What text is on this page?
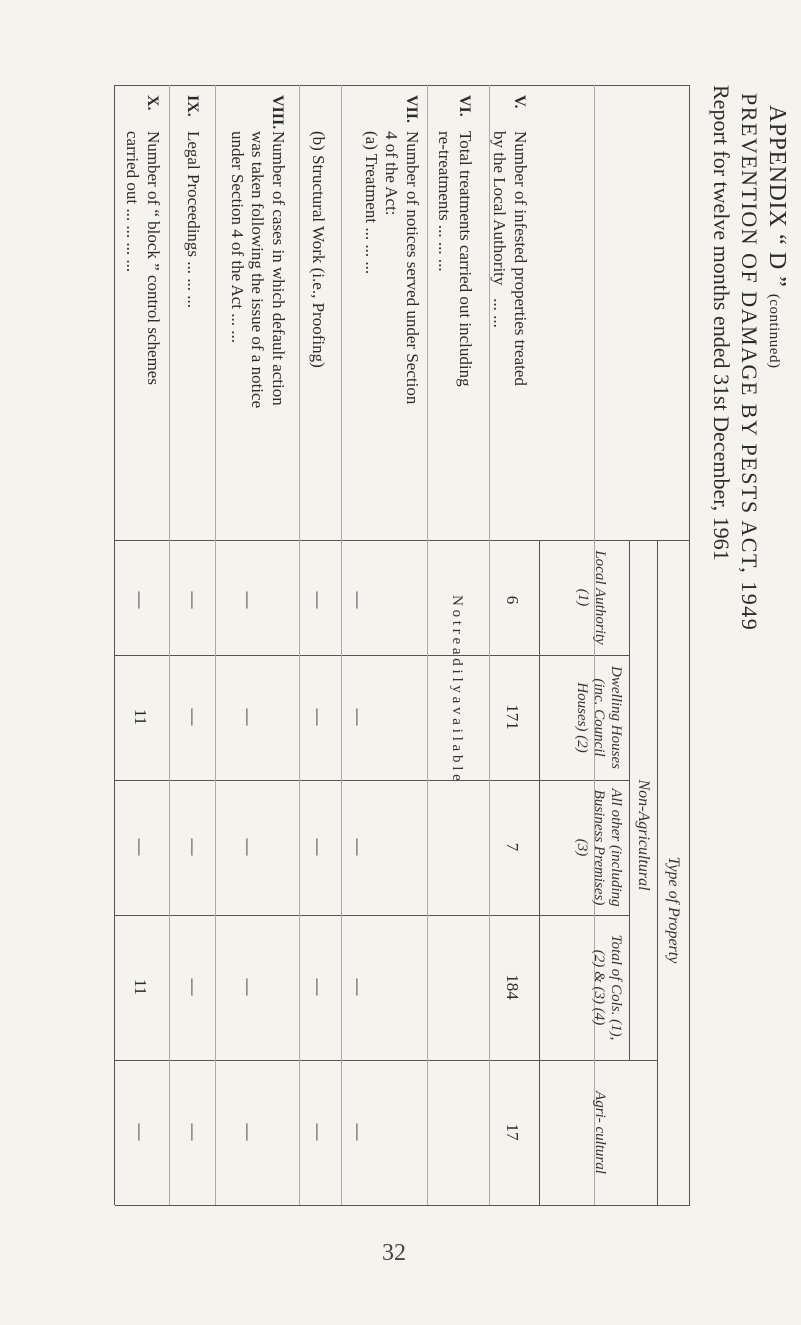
APPENDIX “ D ” (continued)
PREVENTION OF DAMAGE BY PESTS ACT, 1949
Report for twelve months ended 31st December, 1961
Type of Property
Non-Agricultural
Local Authority (1)
Dwelling Houses (inc. Council Houses) (2)
All other (including Business Premises) (3)
Total of Cols. (1), (2) & (3) (4)
Agri- cultural
V.Number of infested properties treated
by the Local Authority   ... ...
VI.Total treatments carried out including
re-treatments ... ... ...
VII.Number of notices served under Section
4 of the Act:
(a) Treatment ... ... ...
(b) Structural Work (i.e., Proofing)
VIII.Number of cases in which default action
was taken following the issue of a notice
under Section 4 of the Act ... ...
IX.Legal Proceedings ... ... ...
X.Number of “ block ” control schemes
carried out ... ... ... ...
6
171
7
184
17
N o t r e a d i l y a v a i l a b l e
—
—
—
—
—
—
—
—
—
—
—
—
—
—
—
—
—
—
—
—
—
11
—
11
—
32
